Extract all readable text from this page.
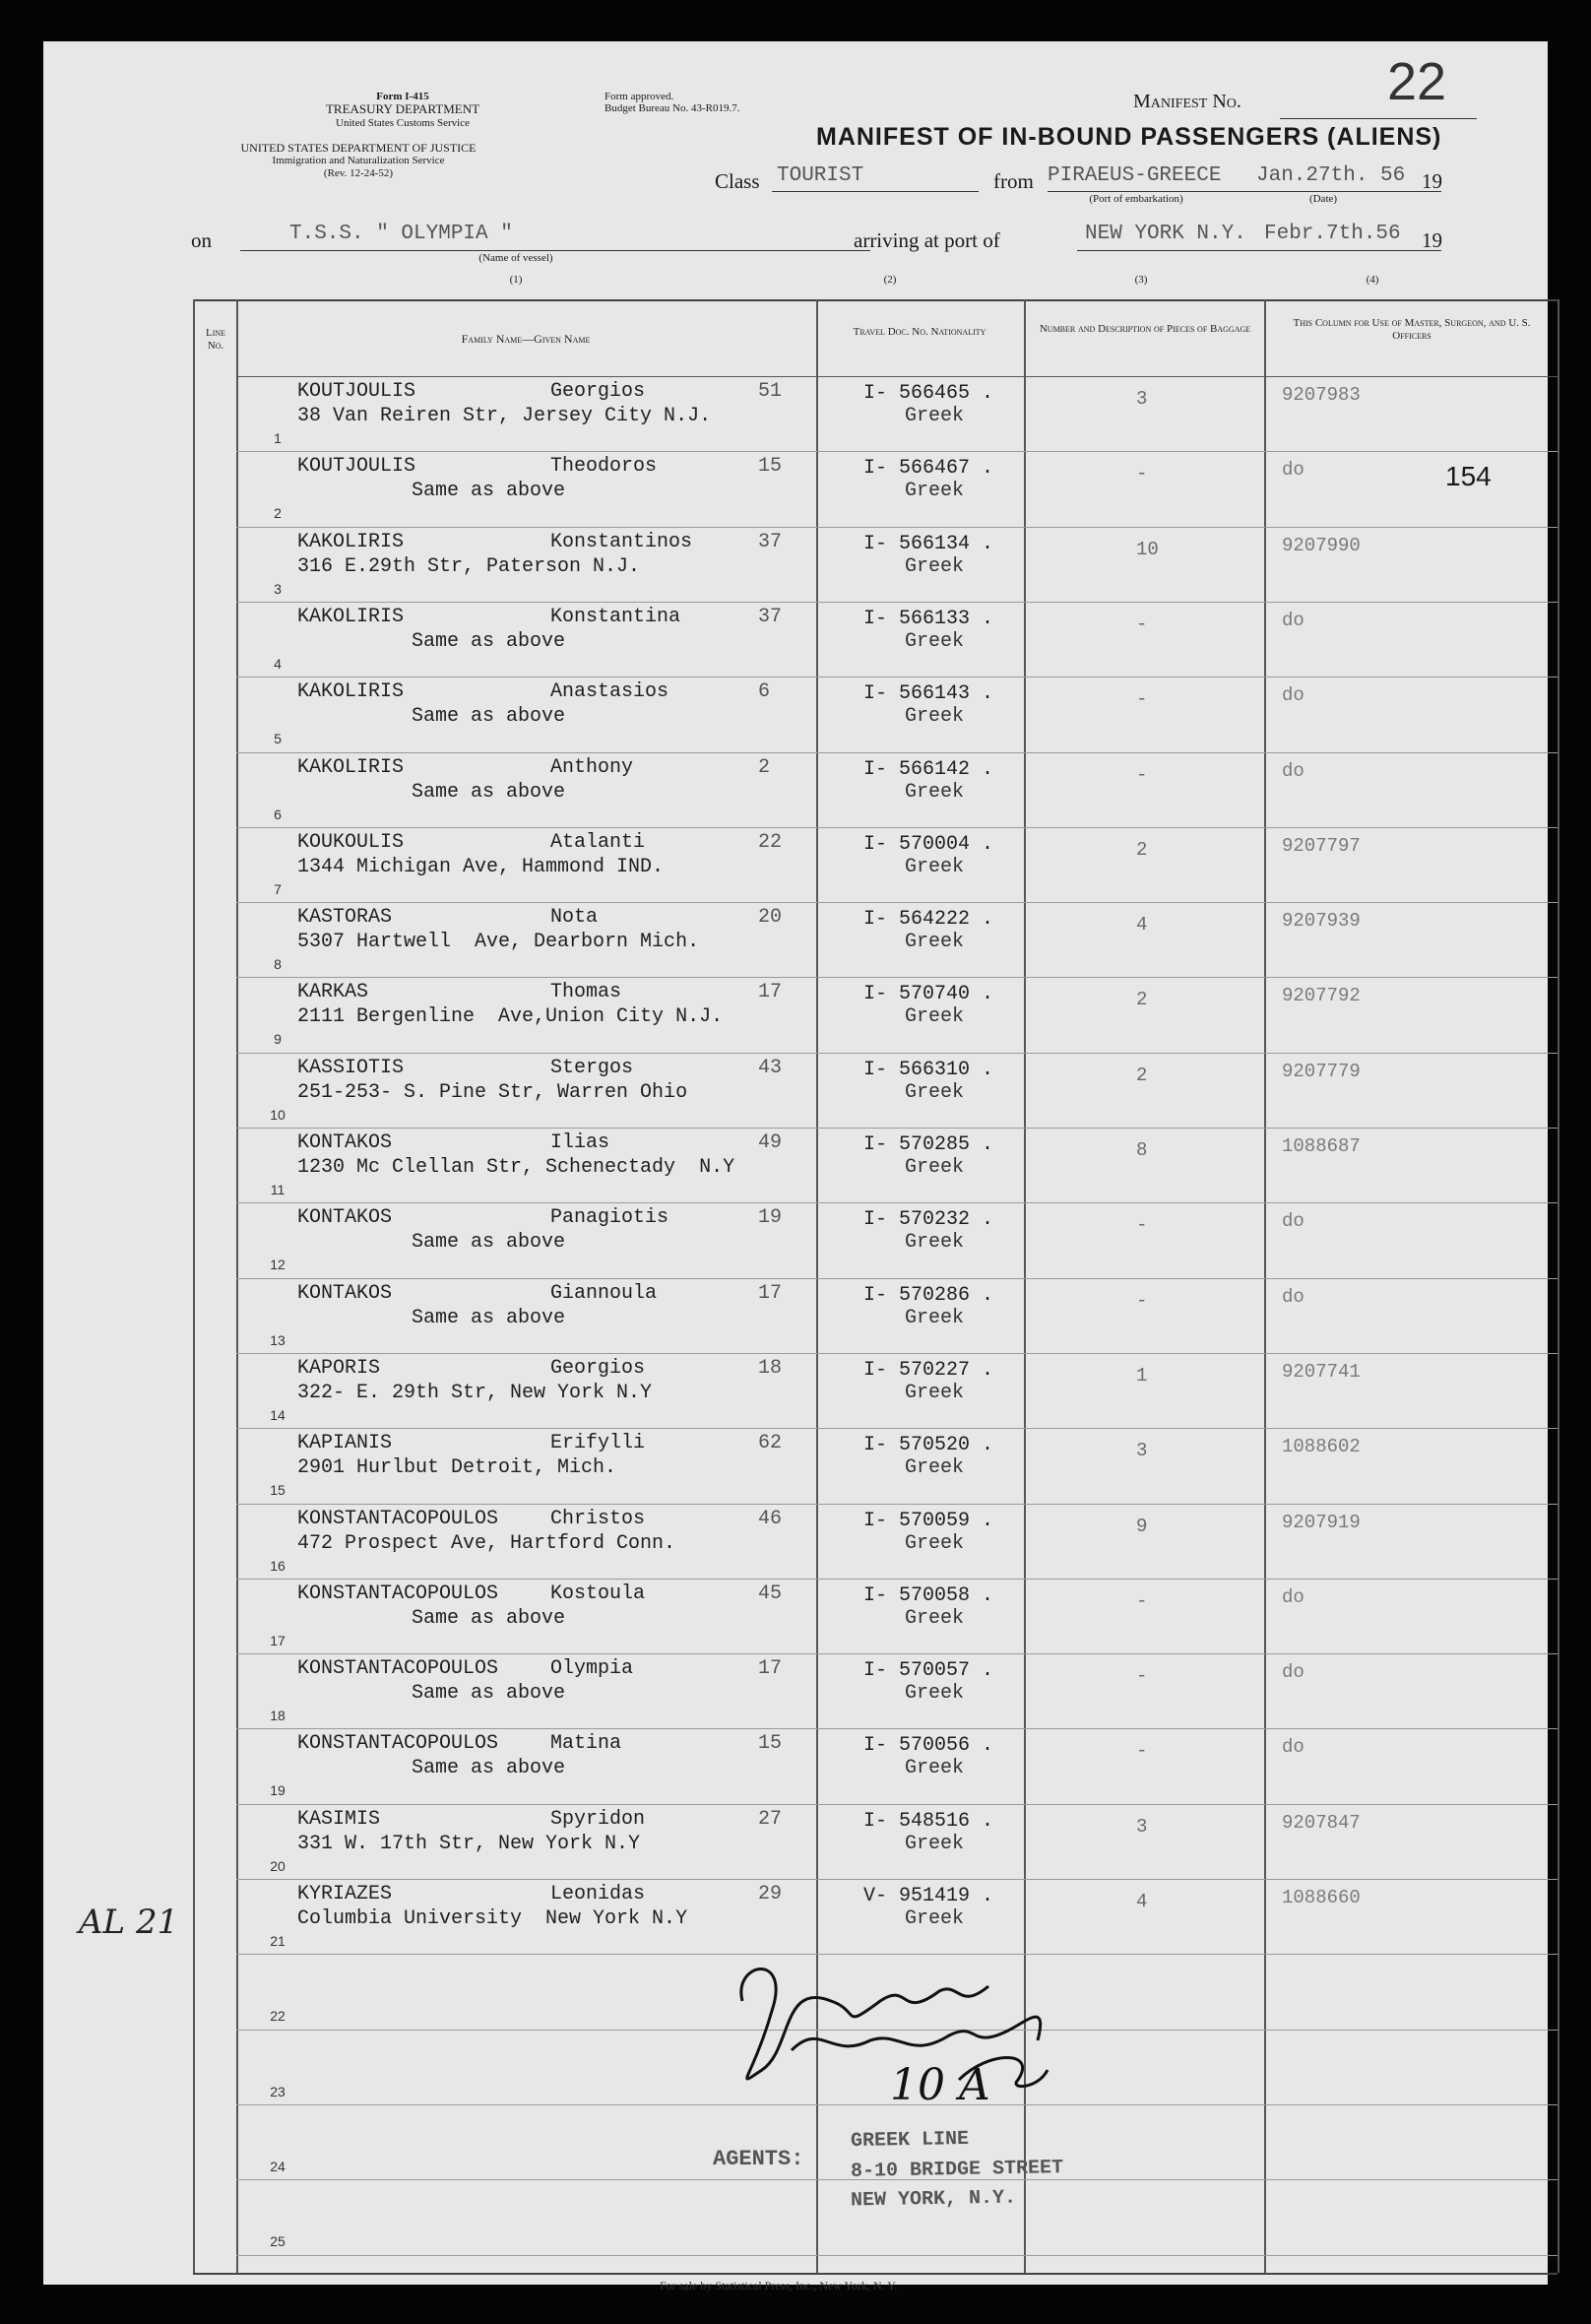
Form I-415
TREASURY DEPARTMENT
United States Customs Service
UNITED STATES DEPARTMENT OF JUSTICE
Immigration and Naturalization Service
(Rev. 12-24-52)
Form approved.
Budget Bureau No. 43-R019.7.	Manifest No.	22
MANIFEST OF IN-BOUND PASSENGERS (ALIENS)
Class TOURIST	from PIRAEUS-GREECE Jan.27th. 56 19
(Port of embarkation)	(Date)
on	T.S.S. " OLYMPIA "	arriving at port of	NEW YORK N.Y. Febr.7th.56 19
(Name of vessel)
(1)	(2)	(3)	(4)
154
Line No.	Family Name—Given Name	Travel Doc. No. Nationality	Number and Description of Pieces of Baggage	This Column for Use of Master, Surgeon, and U. S. Officers
1
KOUTJOULIS	Georgios	51
38 Van Reiren Str, Jersey City N.J.
I- 566465 .
Greek
3	9207983
2
KOUTJOULIS	Theodoros	15
Same as above
I- 566467 .
Greek
-	do
3
KAKOLIRIS	Konstantinos	37
316 E.29th Str, Paterson N.J.
I- 566134 .
Greek
10	9207990
4
KAKOLIRIS	Konstantina	37
Same as above
I- 566133 .
Greek
-	do
5
KAKOLIRIS	Anastasios	6
Same as above
I- 566143 .
Greek
-	do
6
KAKOLIRIS	Anthony	2
Same as above
I- 566142 .
Greek
-	do
7
KOUKOULIS	Atalanti	22
1344 Michigan Ave, Hammond IND.
I- 570004 .
Greek
2	9207797
8
KASTORAS	Nota	20
5307 Hartwell  Ave, Dearborn Mich.
I- 564222 .
Greek
4	9207939
9
KARKAS	Thomas	17
2111 Bergenline  Ave,Union City N.J.
I- 570740 .
Greek
2	9207792
10
KASSIOTIS	Stergos	43
251-253- S. Pine Str, Warren Ohio
I- 566310 .
Greek
2	9207779
11
KONTAKOS	Ilias	49
1230 Mc Clellan Str, Schenectady  N.Y
I- 570285 .
Greek
8	1088687
12
KONTAKOS	Panagiotis	19
Same as above
I- 570232 .
Greek
-	do
13
KONTAKOS	Giannoula	17
Same as above
I- 570286 .
Greek
-	do
14
KAPORIS	Georgios	18
322- E. 29th Str, New York N.Y
I- 570227 .
Greek
1	9207741
15
KAPIANIS	Erifylli	62
2901 Hurlbut Detroit, Mich.
I- 570520 .
Greek
3	1088602
16
KONSTANTACOPOULOS	Christos	46
472 Prospect Ave, Hartford Conn.
I- 570059 .
Greek
9	9207919
17
KONSTANTACOPOULOS	Kostoula	45
Same as above
I- 570058 .
Greek
-	do
18
KONSTANTACOPOULOS	Olympia	17
Same as above
I- 570057 .
Greek
-	do
19
KONSTANTACOPOULOS	Matina	15
Same as above
I- 570056 .
Greek
-	do
20
KASIMIS	Spyridon	27
331 W. 17th Str, New York N.Y
I- 548516 .
Greek
3	9207847
21
KYRIAZES	Leonidas	29
Columbia University  New York N.Y
V- 951419 .
Greek
4	1088660
22
23
24
25
AL 21
10 A
AGENTS:
GREEK LINE
8-10 BRIDGE STREET
NEW YORK, N.Y.
For sale by Statistical Press, Inc., New York, N. Y.
